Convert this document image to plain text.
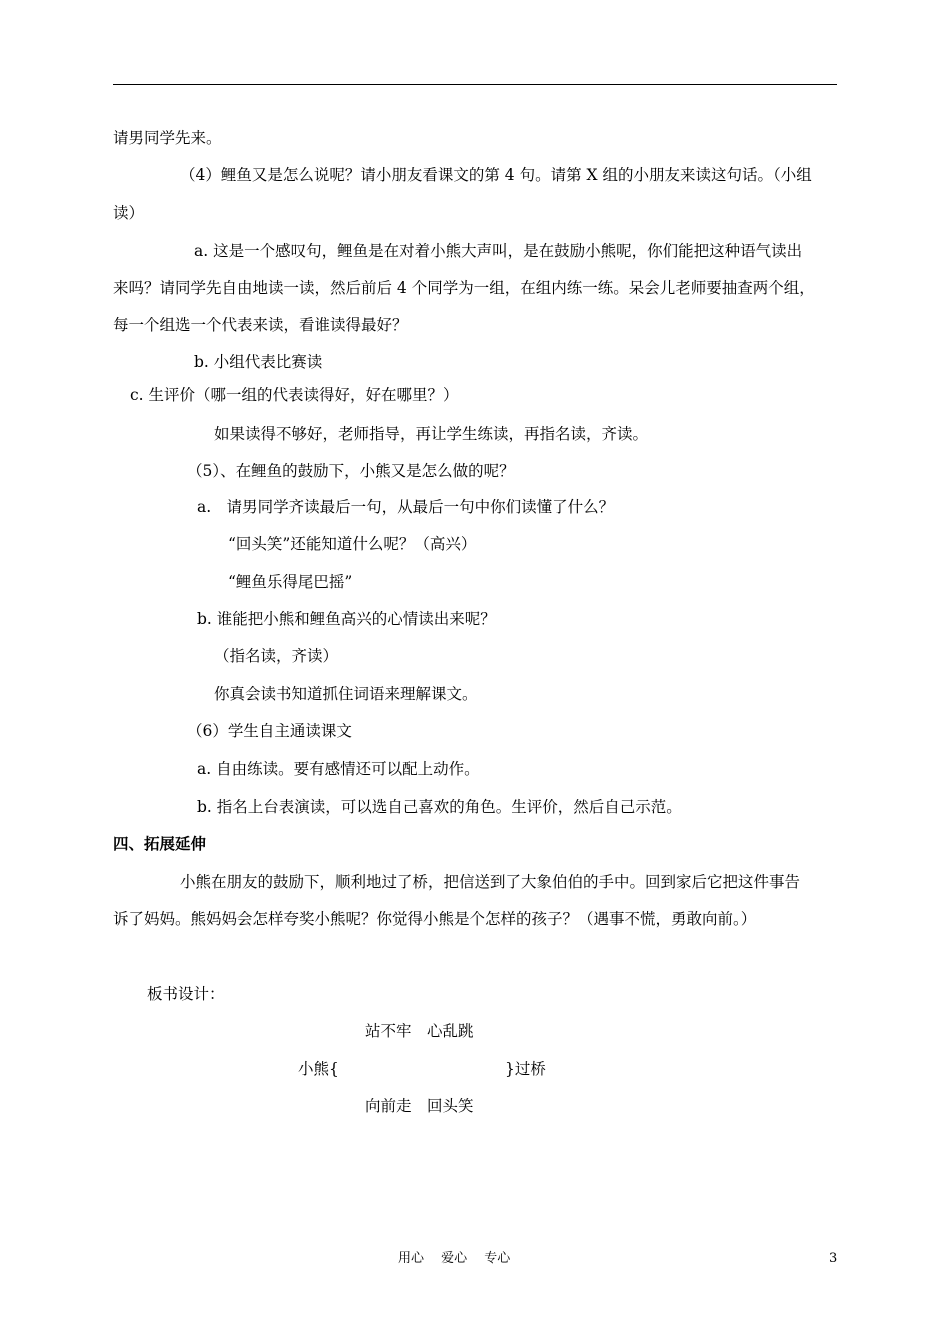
请男同学先来。
（4）鲤鱼又是怎么说呢？请小朋友看课文的第 4 句。请第 X 组的小朋友来读这句话。（小组
读）
a. 这是一个感叹句，鲤鱼是在对着小熊大声叫，是在鼓励小熊呢，你们能把这种语气读出
来吗？请同学先自由地读一读，然后前后 4 个同学为一组，在组内练一练。呆会儿老师要抽查两个组，
每一个组选一个代表来读，看谁读得最好？
b. 小组代表比赛读
c. 生评价（哪一组的代表读得好，好在哪里？）
如果读得不够好，老师指导，再让学生练读，再指名读，齐读。
（5）、在鲤鱼的鼓励下，小熊又是怎么做的呢？
a.　请男同学齐读最后一句，从最后一句中你们读懂了什么？
“回头笑”还能知道什么呢？（高兴）
“鲤鱼乐得尾巴摇”
b. 谁能把小熊和鲤鱼高兴的心情读出来呢？
（指名读，齐读）
你真会读书知道抓住词语来理解课文。
（6）学生自主通读课文
a. 自由练读。要有感情还可以配上动作。
b. 指名上台表演读，可以选自己喜欢的角色。生评价，然后自己示范。
四、拓展延伸
小熊在朋友的鼓励下，顺利地过了桥，把信送到了大象伯伯的手中。回到家后它把这件事告
诉了妈妈。熊妈妈会怎样夸奖小熊呢？你觉得小熊是个怎样的孩子？（遇事不慌，勇敢向前。）
板书设计：
站不牢　心乱跳
小熊{	}过桥
向前走　回头笑
用心　 爱心　 专心	3
